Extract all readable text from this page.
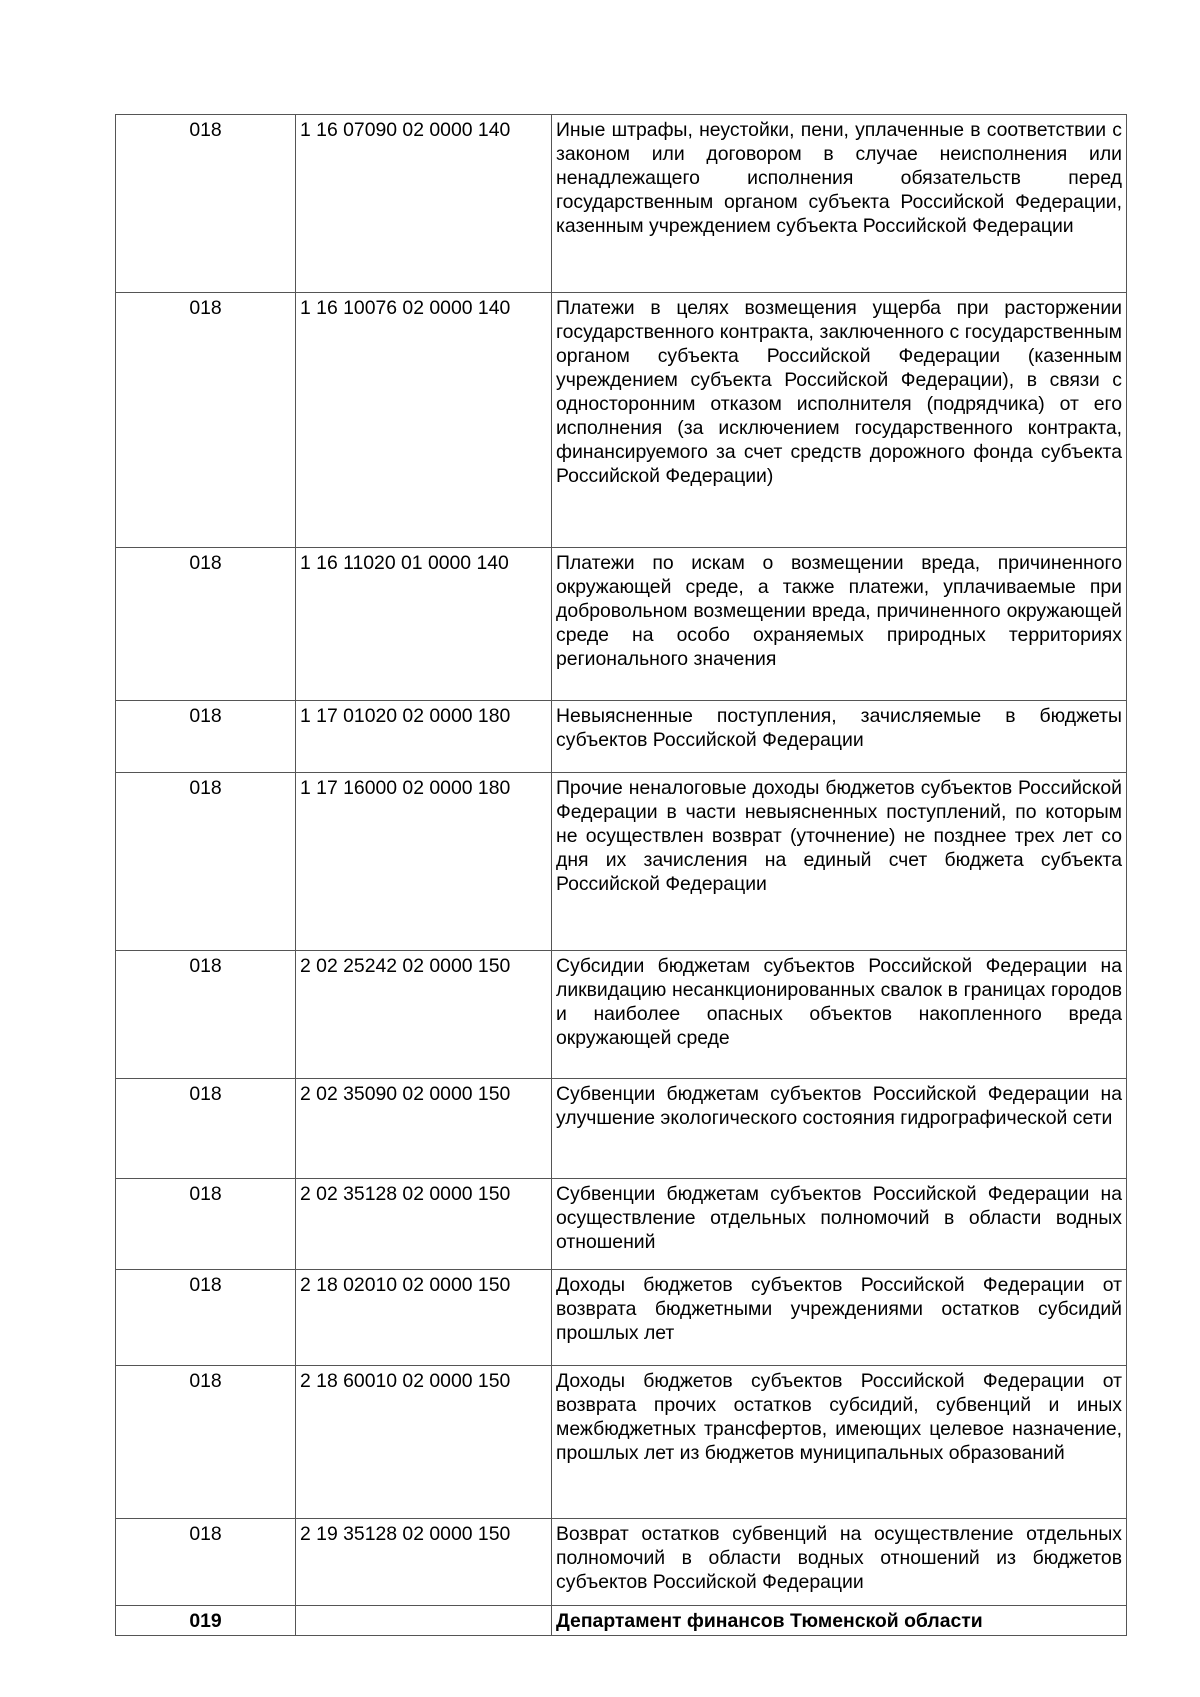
018	1 16 07090 02 0000 140	Иные штрафы, неустойки, пени, уплаченные в соответствии с законом или договором в случае неисполнения или ненадлежащего исполнения обязательств перед государственным органом субъекта Российской Федерации, казенным учреждением субъекта Российской Федерации
018	1 16 10076 02 0000 140	Платежи в целях возмещения ущерба при расторжении государственного контракта, заключенного с государственным органом субъекта Российской Федерации (казенным учреждением субъекта Российской Федерации), в связи с односторонним отказом исполнителя (подрядчика) от его исполнения (за исключением государственного контракта, финансируемого за счет средств дорожного фонда субъекта Российской Федерации)
018	1 16 11020 01 0000 140	Платежи по искам о возмещении вреда, причиненного окружающей среде, а также платежи, уплачиваемые при добровольном возмещении вреда, причиненного окружающей среде на особо охраняемых природных территориях регионального значения
018	1 17 01020 02 0000 180	Невыясненные поступления, зачисляемые в бюджеты субъектов Российской Федерации
018	1 17 16000 02 0000 180	Прочие неналоговые доходы бюджетов субъектов Российской Федерации в части невыясненных поступлений, по которым не осуществлен возврат (уточнение) не позднее трех лет со дня их зачисления на единый счет бюджета субъекта Российской Федерации
018	2 02 25242 02 0000 150	Субсидии бюджетам субъектов Российской Федерации на ликвидацию несанкционированных свалок в границах городов и наиболее опасных объектов накопленного вреда окружающей среде
018	2 02 35090 02 0000 150	Субвенции бюджетам субъектов Российской Федерации на улучшение экологического состояния гидрографической сети
018	2 02 35128 02 0000 150	Субвенции бюджетам субъектов Российской Федерации на осуществление отдельных полномочий в области водных отношений
018	2 18 02010 02 0000 150	Доходы бюджетов субъектов Российской Федерации от возврата бюджетными учреждениями остатков субсидий прошлых лет
018	2 18 60010 02 0000 150	Доходы бюджетов субъектов Российской Федерации от возврата прочих остатков субсидий, субвенций и иных межбюджетных трансфертов, имеющих целевое назначение, прошлых лет из бюджетов муниципальных образований
018	2 19 35128 02 0000 150	Возврат остатков субвенций на осуществление отдельных полномочий в области водных отношений из бюджетов субъектов Российской Федерации
019		Департамент финансов Тюменской области
